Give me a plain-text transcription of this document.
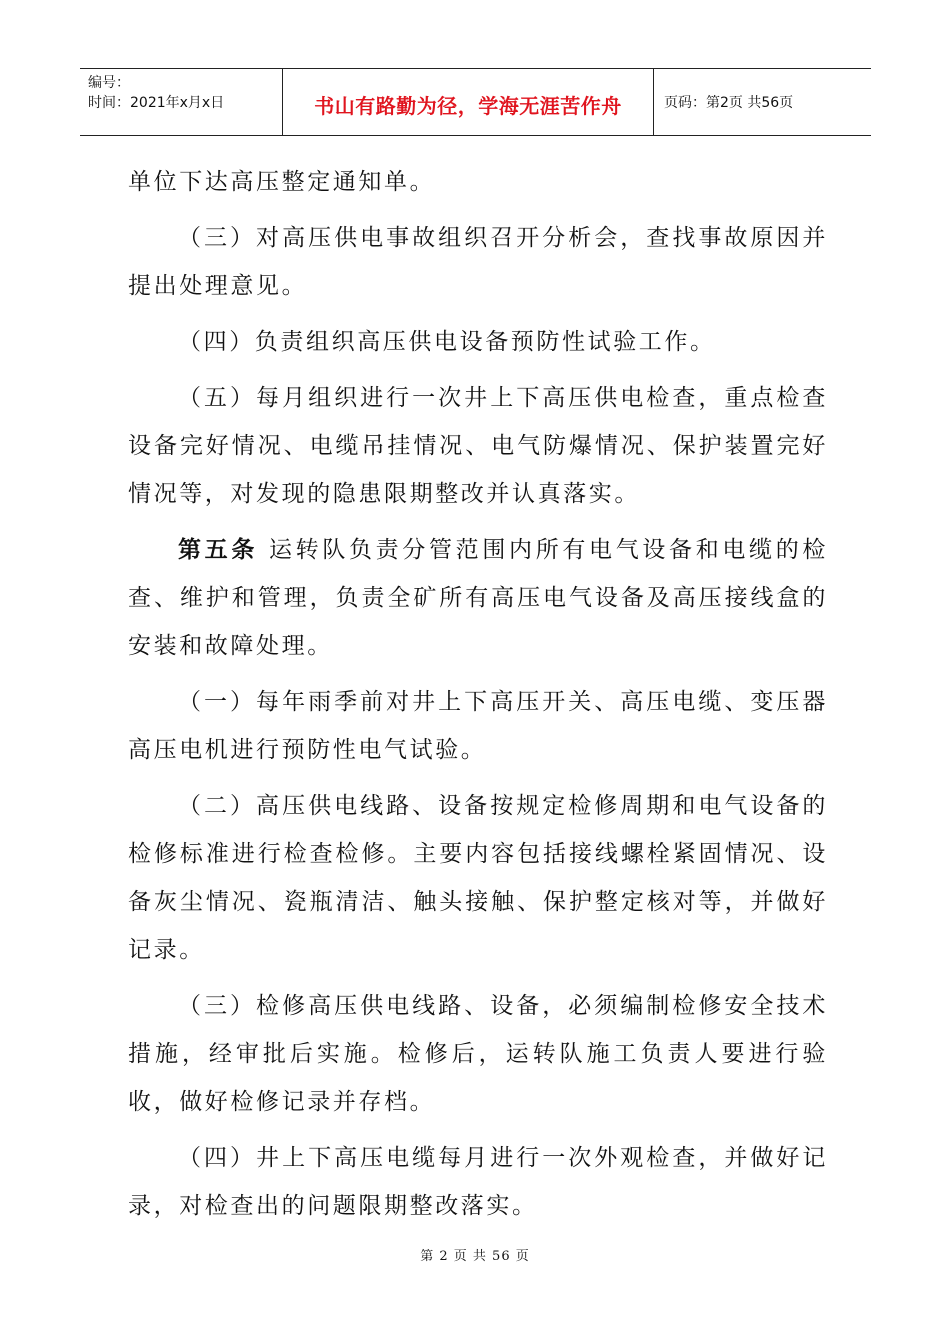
编号：
时间：2021年x月x日	书山有路勤为径，学海无涯苦作舟	页码：第2页 共56页

单位下达高压整定通知单。

（三）对高压供电事故组织召开分析会，查找事故原因并提出处理意见。

（四）负责组织高压供电设备预防性试验工作。

（五）每月组织进行一次井上下高压供电检查，重点检查设备完好情况、电缆吊挂情况、电气防爆情况、保护装置完好情况等，对发现的隐患限期整改并认真落实。

第五条 运转队负责分管范围内所有电气设备和电缆的检查、维护和管理，负责全矿所有高压电气设备及高压接线盒的安装和故障处理。

（一）每年雨季前对井上下高压开关、高压电缆、变压器高压电机进行预防性电气试验。

（二）高压供电线路、设备按规定检修周期和电气设备的检修标准进行检查检修。主要内容包括接线螺栓紧固情况、设备灰尘情况、瓷瓶清洁、触头接触、保护整定核对等，并做好记录。

（三）检修高压供电线路、设备，必须编制检修安全技术措施，经审批后实施。检修后，运转队施工负责人要进行验收，做好检修记录并存档。

（四）井上下高压电缆每月进行一次外观检查，并做好记录，对检查出的问题限期整改落实。

第 2 页 共 56 页
